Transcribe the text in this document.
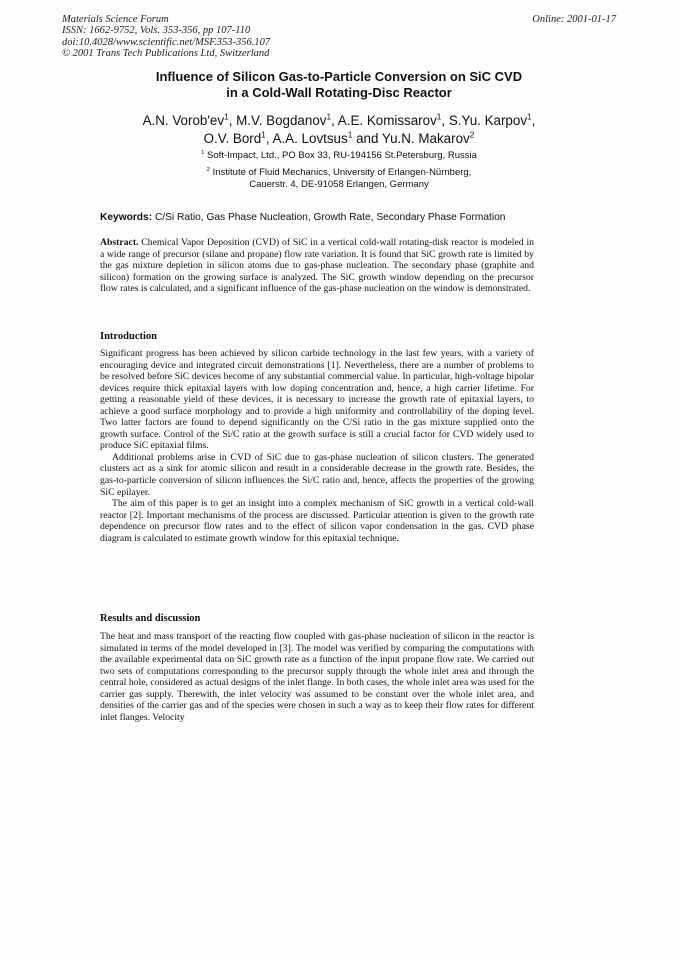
Materials Science Forum
ISSN: 1662-9752, Vols. 353-356, pp 107-110
doi:10.4028/www.scientific.net/MSF.353-356.107
© 2001 Trans Tech Publications Ltd, Switzerland
Online: 2001-01-17
Influence of Silicon Gas-to-Particle Conversion on SiC CVD
in a Cold-Wall Rotating-Disc Reactor
A.N. $Vorob'ev^1$, M.V. Bogdanov$^1$, A.E. Komissarov$^1$, S.Yu. Karpov$^1$,
O.V. Bord$^1$, A.A. Lovtsus$^1$ and Yu.N. Makarov$^2$
$^1$ Soft-Impact, Ltd., PO Box 33, RU-194156 St.Petersburg, Russia
$^2$ Institute of Fluid Mechanics, University of Erlangen-Nürnberg,
Cauerstr. 4, DE-91058 Erlangen, Germany
Keywords: C/Si Ratio, Gas Phase Nucleation, Growth Rate, Secondary Phase Formation

Abstract. Chemical Vapor Deposition (CVD) of SiC in a vertical cold-wall rotating-disk reactor is modeled in a wide range of precursor (silane and propane) flow rate variation. It is found that SiC growth rate is limited by the gas mixture depletion in silicon atoms due to gas-phase nucleation. The secondary phase (graphite and silicon) formation on the growing surface is analyzed. The SiC growth window depending on the precursor flow rates is calculated, and a significant influence of the gas-phase nucleation on the window is demonstrated.

Introduction

Significant progress has been achieved by silicon carbide technology in the last few years, with a variety of encouraging device and integrated circuit demonstrations [1]. Nevertheless, there are a number of problems to be resolved before SiC devices become of any substantial commercial value. In particular, high-voltage bipolar devices require thick epitaxial layers with low doping concentration and, hence, a high carrier lifetime. For getting a reasonable yield of these devices, it is necessary to increase the growth rate of epitaxial layers, to achieve a good surface morphology and to provide a high uniformity and controllability of the doping level. Two latter factors are found to depend significantly on the C/Si ratio in the gas mixture supplied onto the growth surface. Control of the Si/C ratio at the growth surface is still a crucial factor for CVD widely used to produce SiC epitaxial films.

Additional problems arise in CVD of SiC due to gas-phase nucleation of silicon clusters. The generated clusters act as a sink for atomic silicon and result in a considerable decrease in the growth rate. Besides, the gas-to-particle conversion of silicon influences the Si/C ratio and, hence, affects the properties of the growing SiC epilayer.

The aim of this paper is to get an insight into a complex mechanism of SiC growth in a vertical cold-wall reactor [2]. Important mechanisms of the process are discussed. Particular attention is given to the growth rate dependence on precursor flow rates and to the effect of silicon vapor condensation in the gas. CVD phase diagram is calculated to estimate growth window for this epitaxial technique.

Results and discussion

The heat and mass transport of the reacting flow coupled with gas-phase nucleation of silicon in the reactor is simulated in terms of the model developed in [3]. The model was verified by comparing the computations with the available experimental data on SiC growth rate as a function of the input propane flow rate. We carried out two sets of computations corresponding to the precursor supply through the whole inlet area and through the central hole, considered as actual designs of the inlet flange. In both cases, the whole inlet area was used for the carrier gas supply. Therewith, the inlet velocity was assumed to be constant over the whole inlet area, and densities of the carrier gas and of the species were chosen in such a way as to keep their flow rates for different inlet flanges. Velocity
